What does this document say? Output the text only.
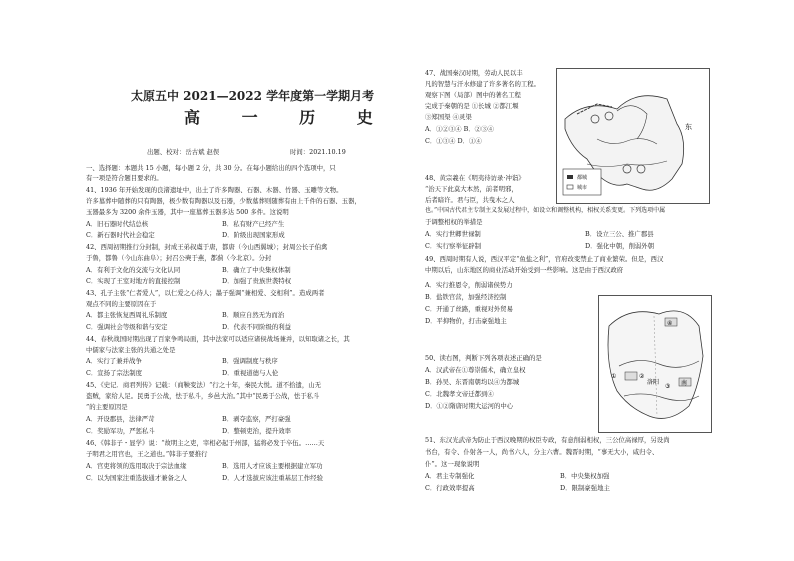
太原五中 2021—2022 学年度第一学期月考
高 一 历 史
出题、校对：岳古斌 赵俣	时间：2021.10.19
一、选择题：本题共 15 小题，每小题 2 分，共 30 分。在每小题给出的四个选项中，只
有一项是符合题目要求的。
41、1936 年开始发现的良渚遗址中，出土了许多陶器、石器、木器、竹器、玉雕等文物。
许多墓葬中随葬的只有陶器，极少数有陶器以及石器，少数墓葬则随葬有由上千件的石器、玉器，
玉器最多为 3200 余件玉器，其中一座墓葬玉器多达 500 多件。这说明
A．旧石器时代结总核	B．私有财产已经产生
C．新石器时代社会稳定	D．阶级出现国家形成
42、西周初期推行分封制，封成王弟叔虞于唐，都唐（今山西翼城）；封周公长子伯禽
于鲁，都鲁（今山东曲阜）；封召公奭于燕，都蓟（今北京）。分封
A．有利于文化的交流与文化认同	B．确立了中央集权体制
C．实现了王室对地方的直接控制	D．加强了贵族世袭特权
43、孔子主张“仁者爱人”，以仁爱之心待人；墨子强调“兼相爱、交相利”。造成两者
观点不同的主要原因在于
A．都主张恢复西周礼乐制度	B．顺应自然无为而治
C．强调社会等级和谐与安定	D．代表不同阶级的利益
44、春秋战国时期出现了百家争鸣局面，其中法家可以适应诸侯战场兼并，以知取诸之长，其
中儒家与法家主张的共通之处是
A．实行了兼并战争	B．强调制度与秩序
C．宣扬了宗法制度	D．重视道德与人伦
45、《史记．商君列传》记载：（商鞅变法）“行之十年，秦民大悦。道不拾遗，山无
盗贼，家给人足。民勇于公战，怯于私斗，乡邑大治。”其中“民勇于公战，怯于私斗
”的主要原因是
A．开设郡县，法律严苛	B．剥夺监察，严打豪强
C．奖励军功，严惩私斗	D．整顿吏治，提升效率
46、《韩非子・显学》说：“故明主之吏，宰相必起于州部，猛将必发于卒伍。……天
子明君之用官也，王之道也。”韩非子要推行
A．官吏将领的选用取决于宗法血缘	B．选用人才应该主要根据建立军功
C．以为国家注重选拔通才兼备之人	D．人才选拔应该注重基层工作经验
47、战国秦汉时期，劳动人民以丰
凡的智慧与汗水修建了许多著名的工程。
观察下图（局部）图中的著名工程
完成于秦朝的是 ①长城 ②都江堰
③郑国渠 ④灵渠
A．①②③④ B．②③④
C．①③④ D．①④
都城
城市
东
48、黄宗羲在《明夷待访录·冲诣》
“治天下此莫大本然，前者明邪，
后者暗许。君与臣，共曳木之人
也。”中国古代君主专制主义发展过程中，如设立和调整机构，相权关系变更。下列选项中属
于调整相权的举措是
A．实行世卿世禄制	B．设立三公、推广郡县
C．实行察举征辟制	D．强化中朝，削弱外朝
49、西周时期有人说，西汉平定“鱼盐之利”，官府改变禁止了商业繁荣。但是，西汉
中期以后，山东地区的商业活动开始受到一些影响。这是由于西汉政府
A．实行推恩令，削弱诸侯势力
B．盐铁官营，加强经济控制
C．开通了丝路，重视对外贸易
D．平抑物价，打击豪强地主	④
①	②
③
洛阳	南
50、读右图，判断下列各项表述正确的是
A．汉武帝在①尊崇儒术，确立皇权
B．孙吴、东晋南朝均以④为都城
C．北魏孝文帝迁都到④
D．①②隋唐时期大运河的中心
51、东汉光武帝为防止于西汉晚期的权臣专政，有意削弱相权，三公位高禄厚，另设尚
书台，有令、仆射各一人，尚书六人，分主六曹。魏晋时期，“事无大小，咸归令、
仆”。这一现象说明
A．君主专制强化	B．中央集权加强
C．行政效率提高	D．限制豪强地主
